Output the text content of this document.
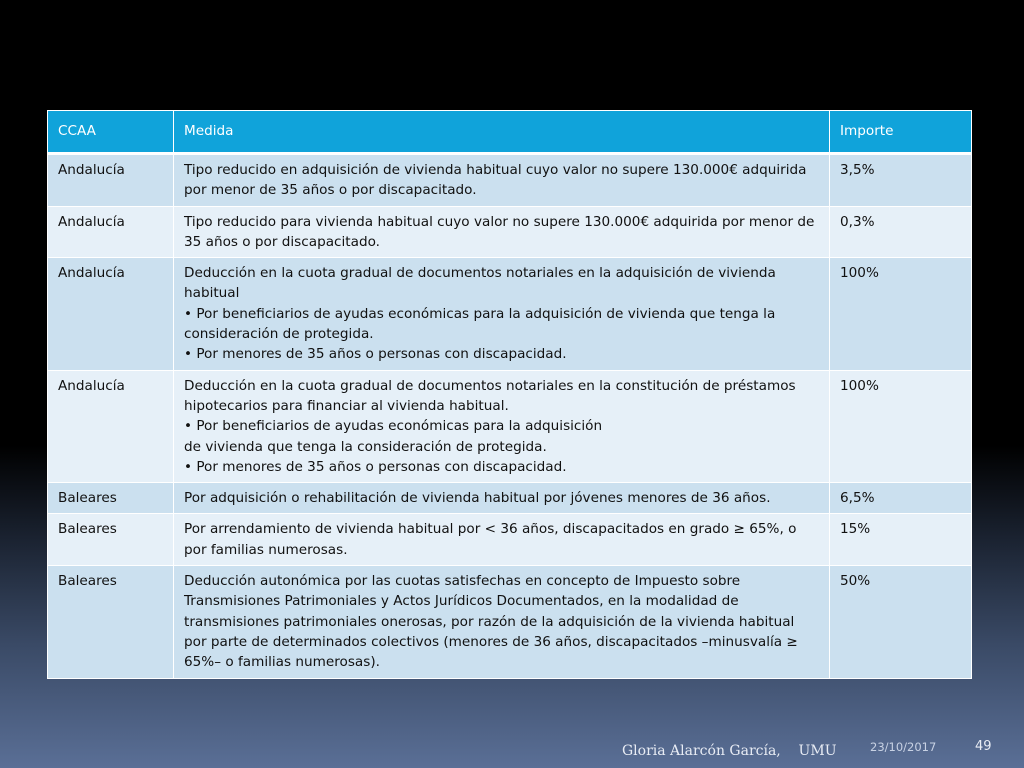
CCAA	Medida	Importe
Andalucía	Tipo reducido en adquisición de vivienda habitual cuyo valor no supere 130.000€ adquirida por menor de 35 años o por discapacitado.	3,5%
Andalucía	Tipo reducido para vivienda habitual cuyo valor no supere 130.000€ adquirida por menor de 35 años o por discapacitado.	0,3%
Andalucía	Deducción en la cuota gradual de documentos notariales en la adquisición de vivienda habitual
• Por beneficiarios de ayudas económicas para la adquisición de vivienda que tenga la consideración de protegida.
• Por menores de 35 años o personas con discapacidad.	100%
Andalucía	Deducción en la cuota gradual de documentos notariales en la constitución de préstamos hipotecarios para financiar al vivienda habitual.
• Por beneficiarios de ayudas económicas para la adquisición
de vivienda que tenga la consideración de protegida.
• Por menores de 35 años o personas con discapacidad.	100%
Baleares	Por adquisición o rehabilitación de vivienda habitual por jóvenes menores de 36 años.	6,5%
Baleares	Por arrendamiento de vivienda habitual por < 36 años, discapacitados en grado ≥ 65%, o por familias numerosas.	15%
Baleares	Deducción autonómica por las cuotas satisfechas en concepto de Impuesto sobre Transmisiones Patrimoniales y Actos Jurídicos Documentados, en la modalidad de transmisiones patrimoniales onerosas, por razón de la adquisición de la vivienda habitual por parte de determinados colectivos (menores de 36 años, discapacitados –minusvalía ≥ 65%– o familias numerosas).	50%
Gloria Alarcón García,    UMU	23/10/2017	49
